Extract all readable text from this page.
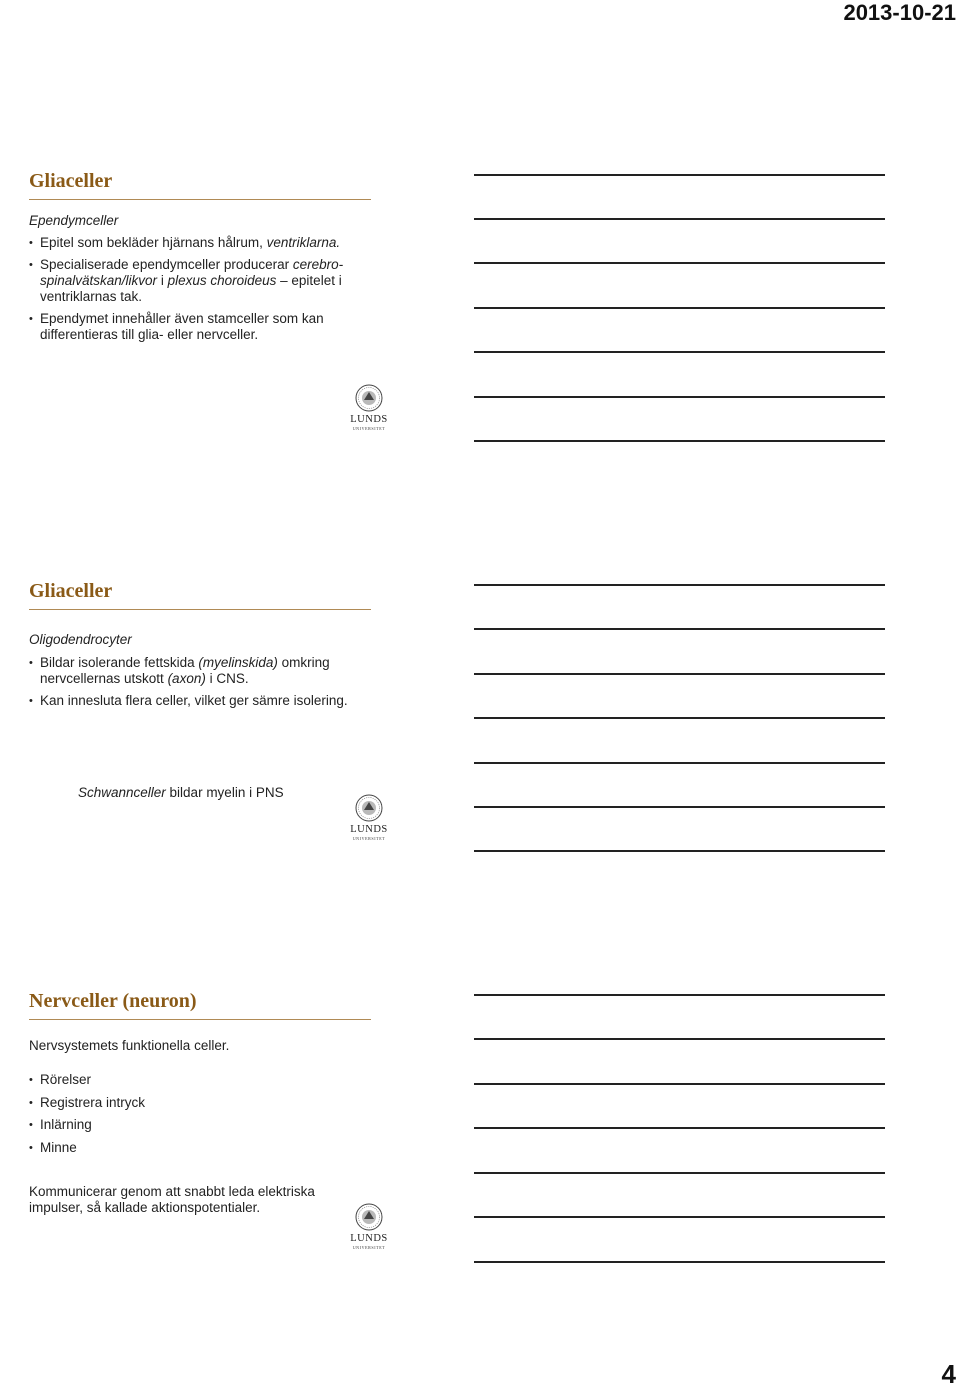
2013-10-21
Gliaceller
Ependymceller
• Epitel som bekläder hjärnans hålrum, ventriklarna.
• Specialiserade ependymceller producerar cerebro-spinalvätskan/likvor i plexus choroideus – epitelet i ventriklarnas tak.
• Ependymet innehåller även stamceller som kan differentieras till glia- eller nervceller.
LUNDS
UNIVERSITET
Gliaceller
Oligodendrocyter
• Bildar isolerande fettskida (myelinskida) omkring nervcellernas utskott (axon) i CNS.
• Kan innesluta flera celler, vilket ger sämre isolering.
Schwannceller bildar myelin i PNS
LUNDS
UNIVERSITET
Nervceller (neuron)
Nervsystemets funktionella celler.
• Rörelser
• Registrera intryck
• Inlärning
• Minne
Kommunicerar genom att snabbt leda elektriska impulser, så kallade aktionspotentialer.
LUNDS
UNIVERSITET
4
